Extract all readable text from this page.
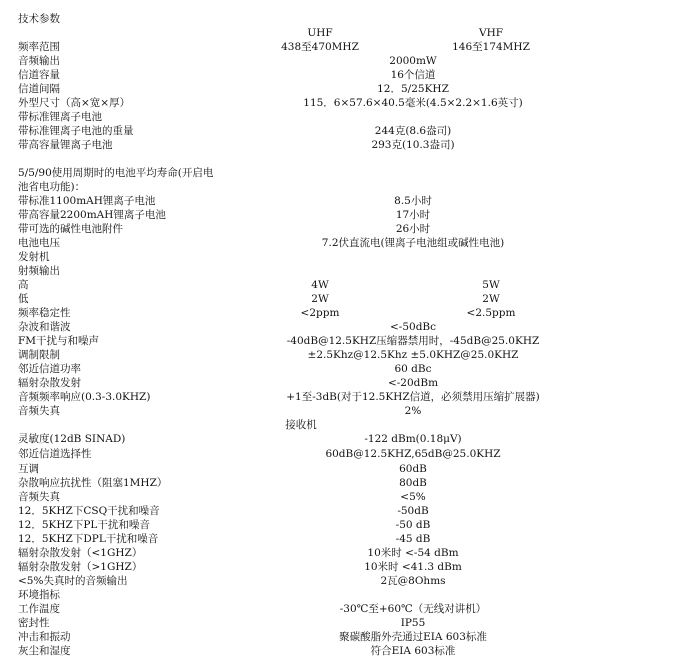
技术参数
UHF	VHF
频率范围	438至470MHZ	146至174MHZ
音频输出	2000mW
信道容量	16个信道
信道间隔	12．5/25KHZ
外型尺寸（高×宽×厚）	115．6×57.6×40.5毫米(4.5×2.2×1.6英寸)
带标准锂离子电池
带标准锂离子电池的重量	244克(8.6盎司)
带高容量锂离子电池	293克(10.3盎司)
5/5/90使用周期时的电池平均寿命(开启电
池省电功能)：
带标准1100mAH锂离子电池	8.5小时
带高容量2200mAH锂离子电池	17小时
带可选的碱性电池附件	26小时
电池电压	7.2伏直流电(锂离子电池组或碱性电池)
发射机
射频输出
高	4W	5W
低	2W	2W
频率稳定性	<2ppm	<2.5ppm
杂波和谐波	<-50dBc
FM干扰与和噪声	-40dB@12.5KHZ压缩器禁用时，-45dB@25.0KHZ
调制限制	±2.5Khz@12.5Khz ±5.0KHZ@25.0KHZ
邻近信道功率	60 dBc
辐射杂散发射	<-20dBm
音频频率响应(0.3-3.0KHZ)	+1至-3dB(对于12.5KHZ信道，必须禁用压缩扩展器)
音频失真	2%
接收机
灵敏度(12dB SINAD)	-122 dBm(0.18μV)
邻近信道选择性	60dB@12.5KHZ,65dB@25.0KHZ
互调	60dB
杂散响应抗扰性（阻塞1MHZ）	80dB
音频失真	<5%
12．5KHZ下CSQ干扰和噪音	-50dB
12．5KHZ下PL干扰和噪音	-50 dB
12．5KHZ下DPL干扰和噪音	-45 dB
辐射杂散发射（<1GHZ）	10米时 <-54 dBm
辐射杂散发射（>1GHZ）	10米时 <41.3 dBm
<5%失真时的音频输出	2瓦@8Ohms
环境指标
工作温度	-30℃至+60℃（无线对讲机）
密封性	IP55
冲击和振动	聚碳酸脂外壳通过EIA 603标准
灰尘和湿度	符合EIA 603标准
